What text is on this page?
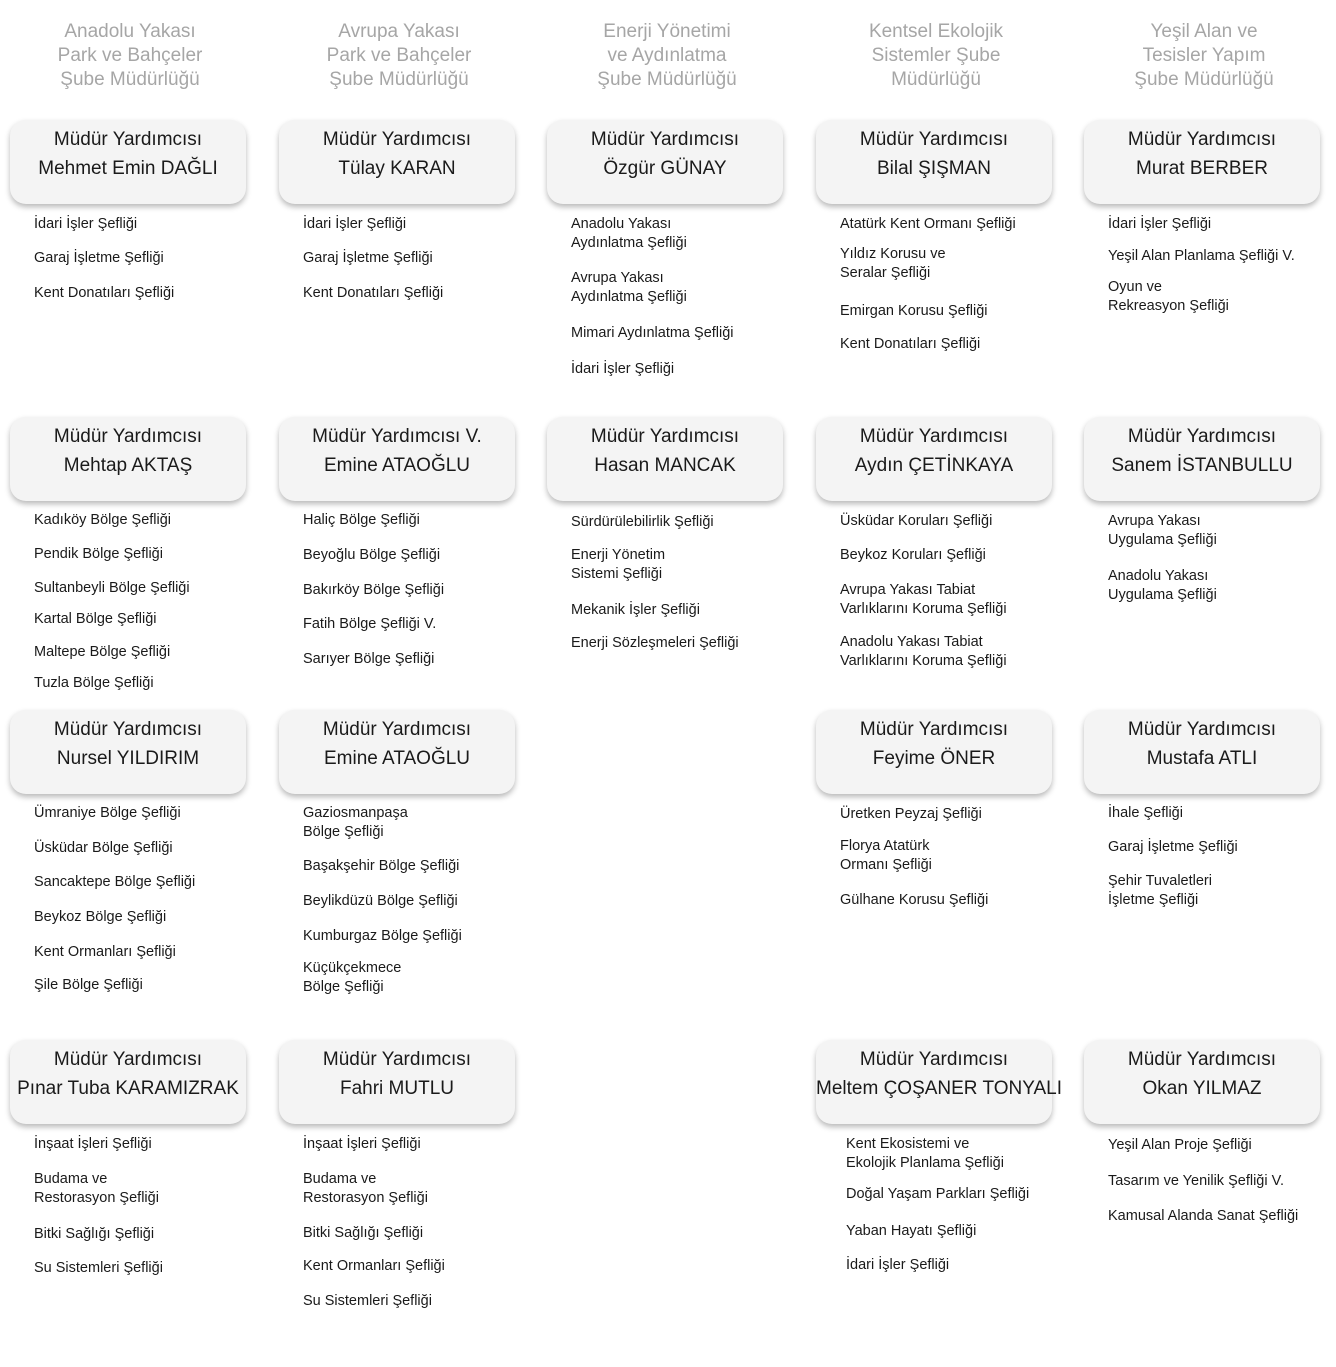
Anadolu Yakası
Park ve Bahçeler
Şube Müdürlüğü
Müdür Yardımcısı
Mehmet Emin DAĞLI
İdari İşler Şefliği
Garaj İşletme Şefliği
Kent Donatıları Şefliği
Müdür Yardımcısı
Mehtap AKTAŞ
Kadıköy Bölge Şefliği
Pendik Bölge Şefliği
Sultanbeyli Bölge Şefliği
Kartal Bölge Şefliği
Maltepe Bölge Şefliği
Tuzla Bölge Şefliği
Müdür Yardımcısı
Nursel YILDIRIM
Ümraniye Bölge Şefliği
Üsküdar Bölge Şefliği
Sancaktepe Bölge Şefliği
Beykoz Bölge Şefliği
Kent Ormanları Şefliği
Şile Bölge Şefliği
Müdür Yardımcısı
Pınar Tuba KARAMIZRAK
İnşaat İşleri Şefliği
Budama ve
Restorasyon Şefliği
Bitki Sağlığı Şefliği
Su Sistemleri Şefliği
Avrupa Yakası
Park ve Bahçeler
Şube Müdürlüğü
Müdür Yardımcısı
Tülay KARAN
İdari İşler Şefliği
Garaj İşletme Şefliği
Kent Donatıları Şefliği
Müdür Yardımcısı V.
Emine ATAOĞLU
Haliç Bölge Şefliği
Beyoğlu Bölge Şefliği
Bakırköy Bölge Şefliği
Fatih Bölge Şefliği V.
Sarıyer Bölge Şefliği
Müdür Yardımcısı
Emine ATAOĞLU
Gaziosmanpaşa
Bölge Şefliği
Başakşehir Bölge Şefliği
Beylikdüzü Bölge Şefliği
Kumburgaz Bölge Şefliği
Küçükçekmece
Bölge Şefliği
Müdür Yardımcısı
Fahri MUTLU
İnşaat İşleri Şefliği
Budama ve
Restorasyon Şefliği
Bitki Sağlığı Şefliği
Kent Ormanları Şefliği
Su Sistemleri Şefliği
Enerji Yönetimi
ve Aydınlatma
Şube Müdürlüğü
Müdür Yardımcısı
Özgür GÜNAY
Anadolu Yakası
Aydınlatma Şefliği
Avrupa Yakası
Aydınlatma Şefliği
Mimari Aydınlatma Şefliği
İdari İşler Şefliği
Müdür Yardımcısı
Hasan MANCAK
Sürdürülebilirlik Şefliği
Enerji Yönetim
Sistemi Şefliği
Mekanik İşler Şefliği
Enerji Sözleşmeleri Şefliği
Kentsel Ekolojik
Sistemler Şube
Müdürlüğü
Müdür Yardımcısı
Bilal ŞIŞMAN
Atatürk Kent Ormanı Şefliği
Yıldız Korusu ve
Seralar Şefliği
Emirgan Korusu Şefliği
Kent Donatıları Şefliği
Müdür Yardımcısı
Aydın ÇETİNKAYA
Üsküdar Koruları Şefliği
Beykoz Koruları Şefliği
Avrupa Yakası Tabiat
Varlıklarını Koruma Şefliği
Anadolu Yakası Tabiat
Varlıklarını Koruma Şefliği
Müdür Yardımcısı
Feyime ÖNER
Üretken Peyzaj Şefliği
Florya Atatürk
Ormanı Şefliği
Gülhane Korusu Şefliği
Müdür Yardımcısı
Meltem ÇOŞANER TONYALI
Kent Ekosistemi ve
Ekolojik Planlama Şefliği
Doğal Yaşam Parkları Şefliği
Yaban Hayatı Şefliği
İdari İşler Şefliği
Yeşil Alan ve
Tesisler Yapım
Şube Müdürlüğü
Müdür Yardımcısı
Murat BERBER
İdari İşler Şefliği
Yeşil Alan Planlama Şefliği V.
Oyun ve
Rekreasyon Şefliği
Müdür Yardımcısı
Sanem İSTANBULLU
Avrupa Yakası
Uygulama Şefliği
Anadolu Yakası
Uygulama Şefliği
Müdür Yardımcısı
Mustafa ATLI
İhale Şefliği
Garaj İşletme Şefliği
Şehir Tuvaletleri
İşletme Şefliği
Müdür Yardımcısı
Okan YILMAZ
Yeşil Alan Proje Şefliği
Tasarım ve Yenilik Şefliği V.
Kamusal Alanda Sanat Şefliği
